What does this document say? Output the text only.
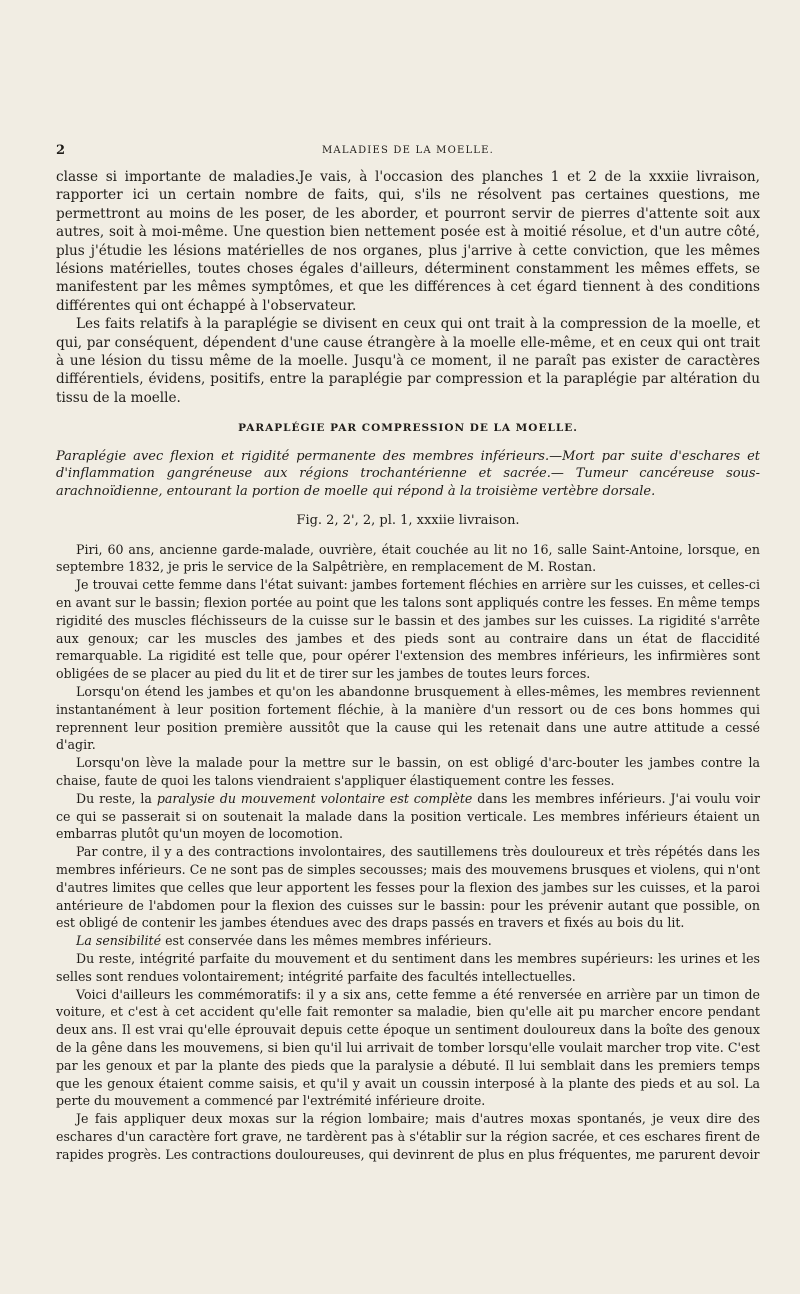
2	MALADIES DE LA MOELLE.

classe si importante de maladies.Je vais, à l'occasion des planches 1 et 2 de la xxxiie livraison, rapporter ici un certain nombre de faits, qui, s'ils ne résolvent pas certaines questions, me permettront au moins de les poser, de les aborder, et pourront servir de pierres d'attente soit aux autres, soit à moi-même. Une question bien nettement posée est à moitié résolue, et d'un autre côté, plus j'étudie les lésions matérielles de nos organes, plus j'arrive à cette conviction, que les mêmes lésions matérielles, toutes choses égales d'ailleurs, déterminent constamment les mêmes effets, se manifestent par les mêmes symptômes, et que les différences à cet égard tiennent à des conditions différentes qui ont échappé à l'observateur.

Les faits relatifs à la paraplégie se divisent en ceux qui ont trait à la compression de la moelle, et qui, par conséquent, dépendent d'une cause étrangère à la moelle elle-même, et en ceux qui ont trait à une lésion du tissu même de la moelle. Jusqu'à ce moment, il ne paraît pas exister de caractères différentiels, évidens, positifs, entre la paraplégie par compression et la paraplégie par altération du tissu de la moelle.

PARAPLÉGIE PAR COMPRESSION DE LA MOELLE.

Paraplégie avec flexion et rigidité permanente des membres inférieurs.—Mort par suite d'eschares et d'inflammation gangréneuse aux régions trochantérienne et sacrée.— Tumeur cancéreuse sous-arachnoïdienne, entourant la portion de moelle qui répond à la troisième vertèbre dorsale.

Fig. 2, 2', 2, pl. 1, xxxiie livraison.

Piri, 60 ans, ancienne garde-malade, ouvrière, était couchée au lit no 16, salle Saint-Antoine, lorsque, en septembre 1832, je pris le service de la Salpêtrière, en remplacement de M. Rostan.

Je trouvai cette femme dans l'état suivant: jambes fortement fléchies en arrière sur les cuisses, et celles-ci en avant sur le bassin; flexion portée au point que les talons sont appliqués contre les fesses. En même temps rigidité des muscles fléchisseurs de la cuisse sur le bassin et des jambes sur les cuisses. La rigidité s'arrête aux genoux; car les muscles des jambes et des pieds sont au contraire dans un état de flaccidité remarquable. La rigidité est telle que, pour opérer l'extension des membres inférieurs, les infirmières sont obligées de se placer au pied du lit et de tirer sur les jambes de toutes leurs forces.

Lorsqu'on étend les jambes et qu'on les abandonne brusquement à elles-mêmes, les membres reviennent instantanément à leur position fortement fléchie, à la manière d'un ressort ou de ces bons hommes qui reprennent leur position première aussitôt que la cause qui les retenait dans une autre attitude a cessé d'agir.

Lorsqu'on lève la malade pour la mettre sur le bassin, on est obligé d'arc-bouter les jambes contre la chaise, faute de quoi les talons viendraient s'appliquer élastiquement contre les fesses.

Du reste, la paralysie du mouvement volontaire est complète dans les membres inférieurs. J'ai voulu voir ce qui se passerait si on soutenait la malade dans la position verticale. Les membres inférieurs étaient un embarras plutôt qu'un moyen de locomotion.

Par contre, il y a des contractions involontaires, des sautillemens très douloureux et très répétés dans les membres inférieurs. Ce ne sont pas de simples secousses; mais des mouvemens brusques et violens, qui n'ont d'autres limites que celles que leur apportent les fesses pour la flexion des jambes sur les cuisses, et la paroi antérieure de l'abdomen pour la flexion des cuisses sur le bassin: pour les prévenir autant que possible, on est obligé de contenir les jambes étendues avec des draps passés en travers et fixés au bois du lit.

La sensibilité est conservée dans les mêmes membres inférieurs.

Du reste, intégrité parfaite du mouvement et du sentiment dans les membres supérieurs: les urines et les selles sont rendues volontairement; intégrité parfaite des facultés intellectuelles.

Voici d'ailleurs les commémoratifs: il y a six ans, cette femme a été renversée en arrière par un timon de voiture, et c'est à cet accident qu'elle fait remonter sa maladie, bien qu'elle ait pu marcher encore pendant deux ans. Il est vrai qu'elle éprouvait depuis cette époque un sentiment douloureux dans la boîte des genoux de la gêne dans les mouvemens, si bien qu'il lui arrivait de tomber lorsqu'elle voulait marcher trop vite. C'est par les genoux et par la plante des pieds que la paralysie a débuté. Il lui semblait dans les premiers temps que les genoux étaient comme saisis, et qu'il y avait un coussin interposé à la plante des pieds et au sol. La perte du mouvement a commencé par l'extrémité inférieure droite.

Je fais appliquer deux moxas sur la région lombaire; mais d'autres moxas spontanés, je veux dire des eschares d'un caractère fort grave, ne tardèrent pas à s'établir sur la région sacrée, et ces eschares firent de rapides progrès. Les contractions douloureuses, qui devinrent de plus en plus fréquentes, me parurent devoir
